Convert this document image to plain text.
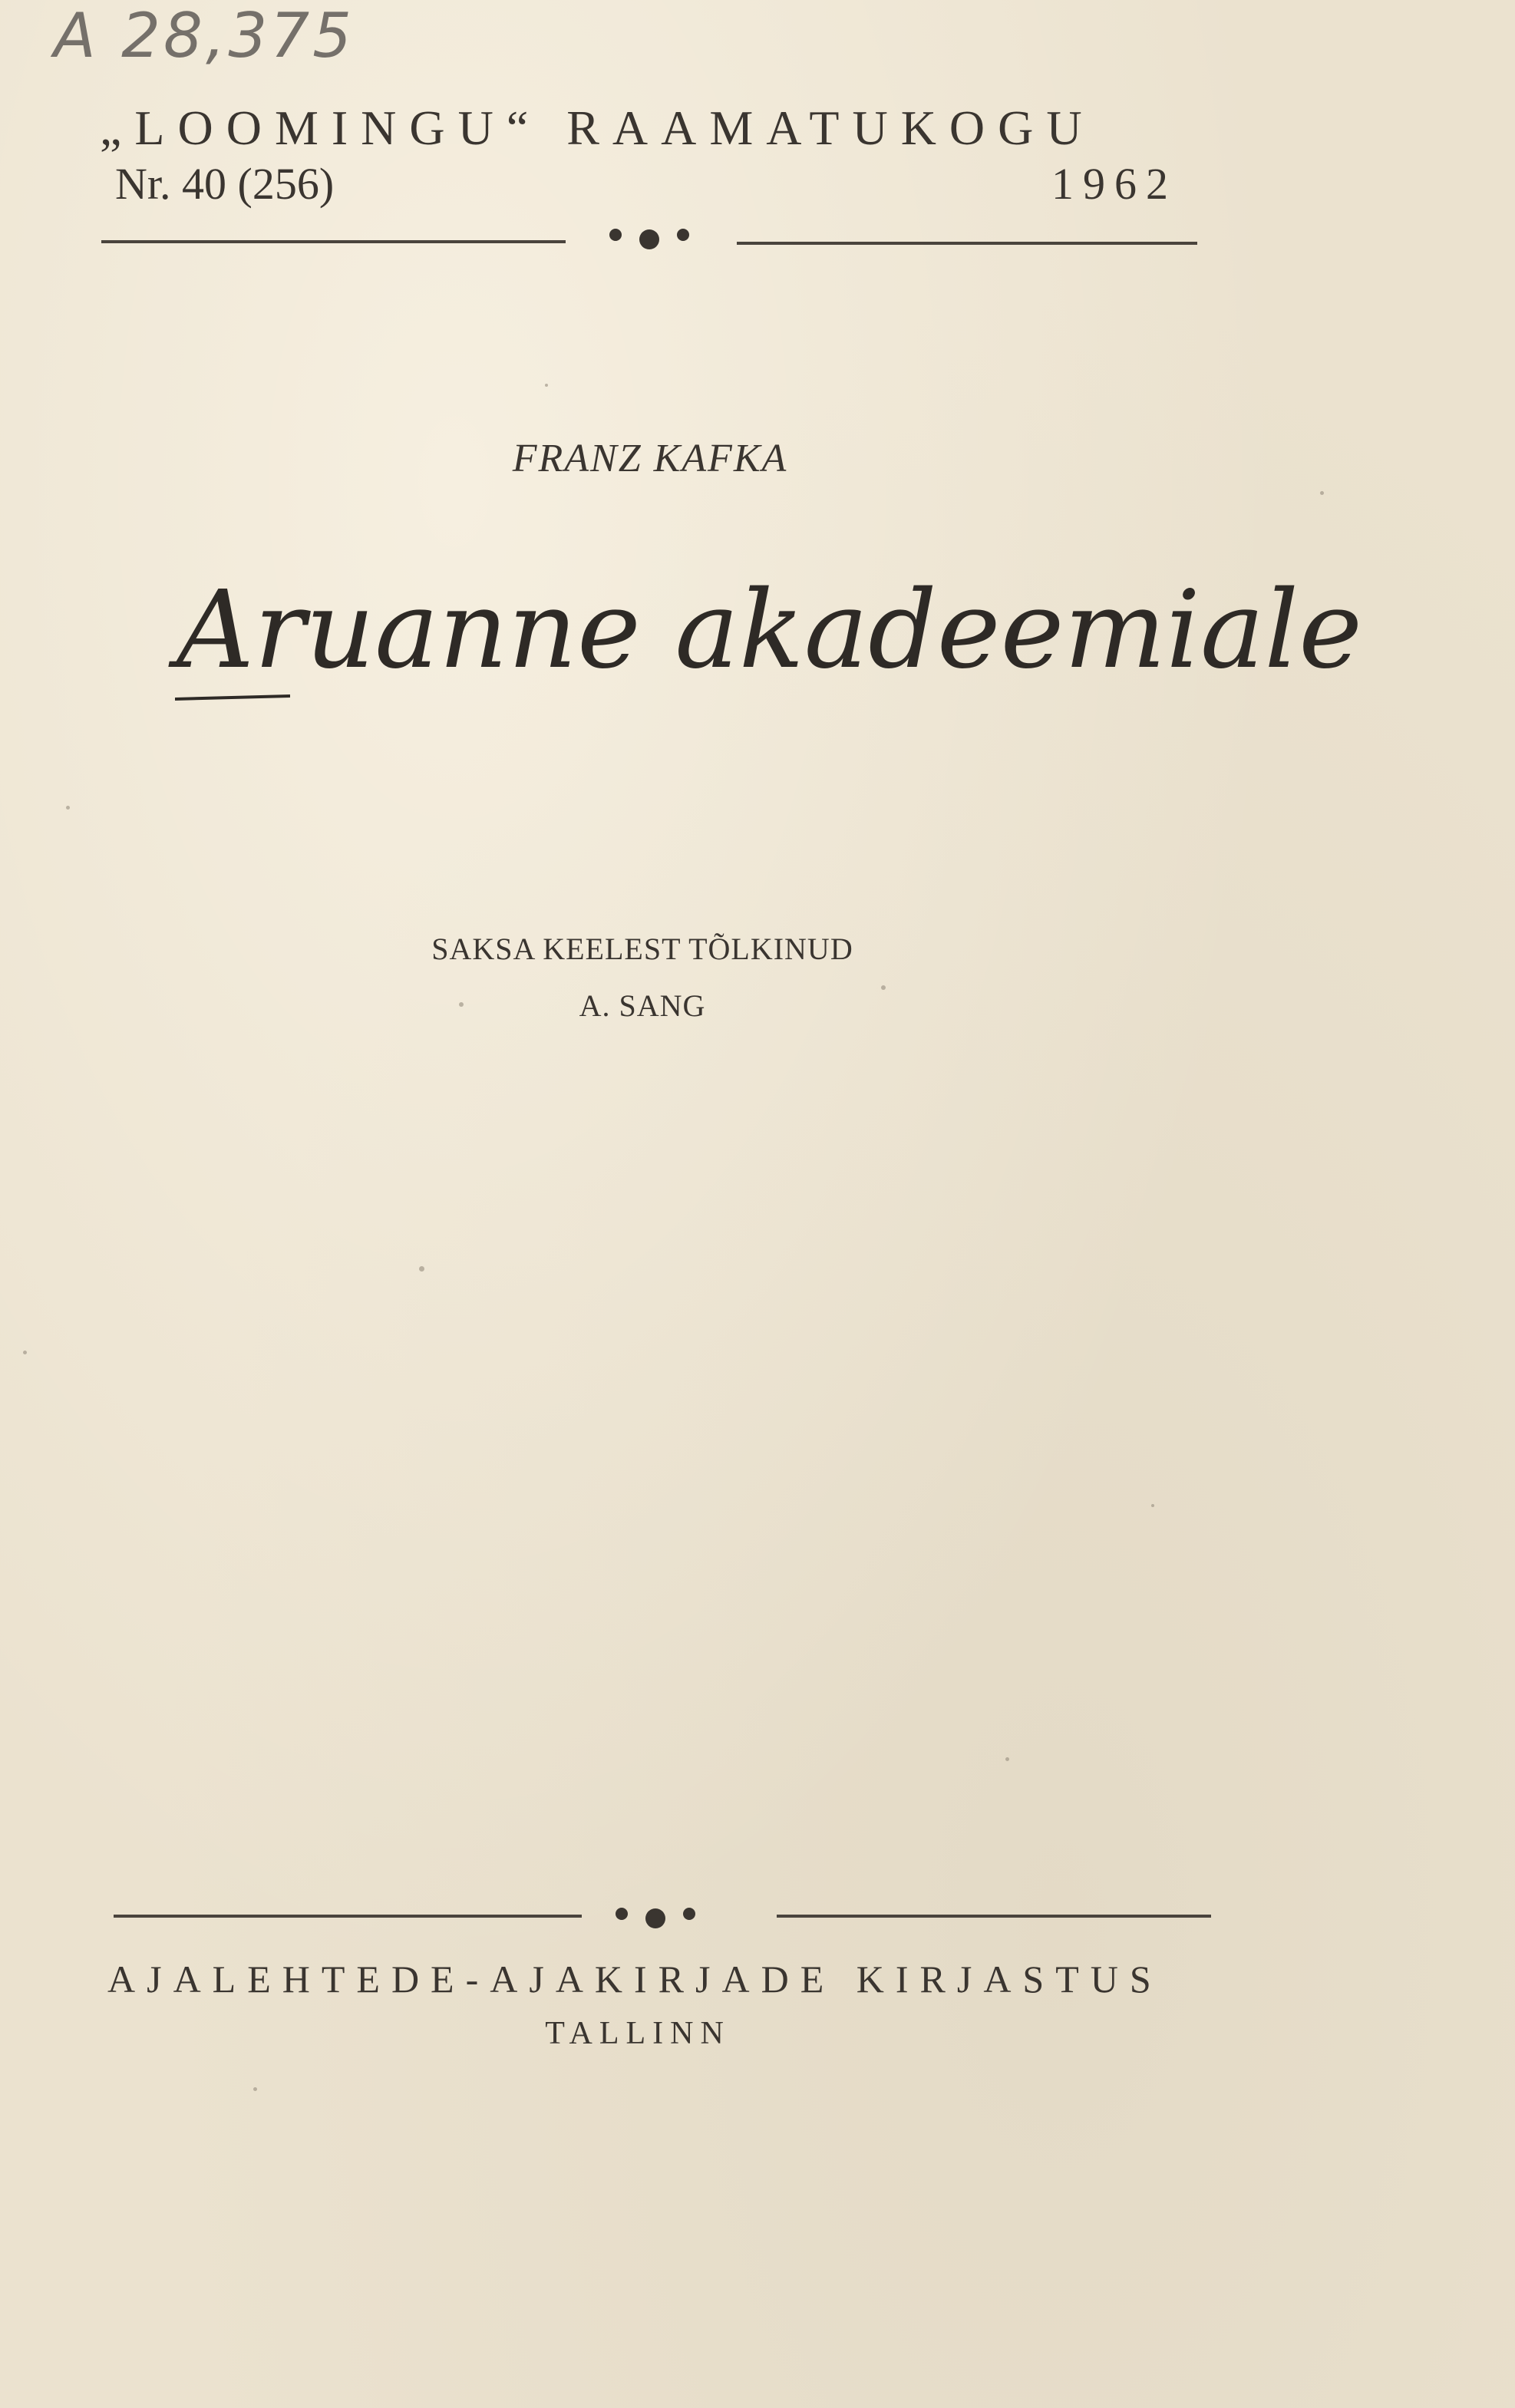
A 28,375
„LOOMINGU“ RAAMATUKOGU
Nr. 40 (256)	1962
FRANZ KAFKA
Aruanne akadeemiale
SAKSA KEELEST TÕLKINUD
A. SANG
AJALEHTEDE-AJAKIRJADE KIRJASTUS
TALLINN
